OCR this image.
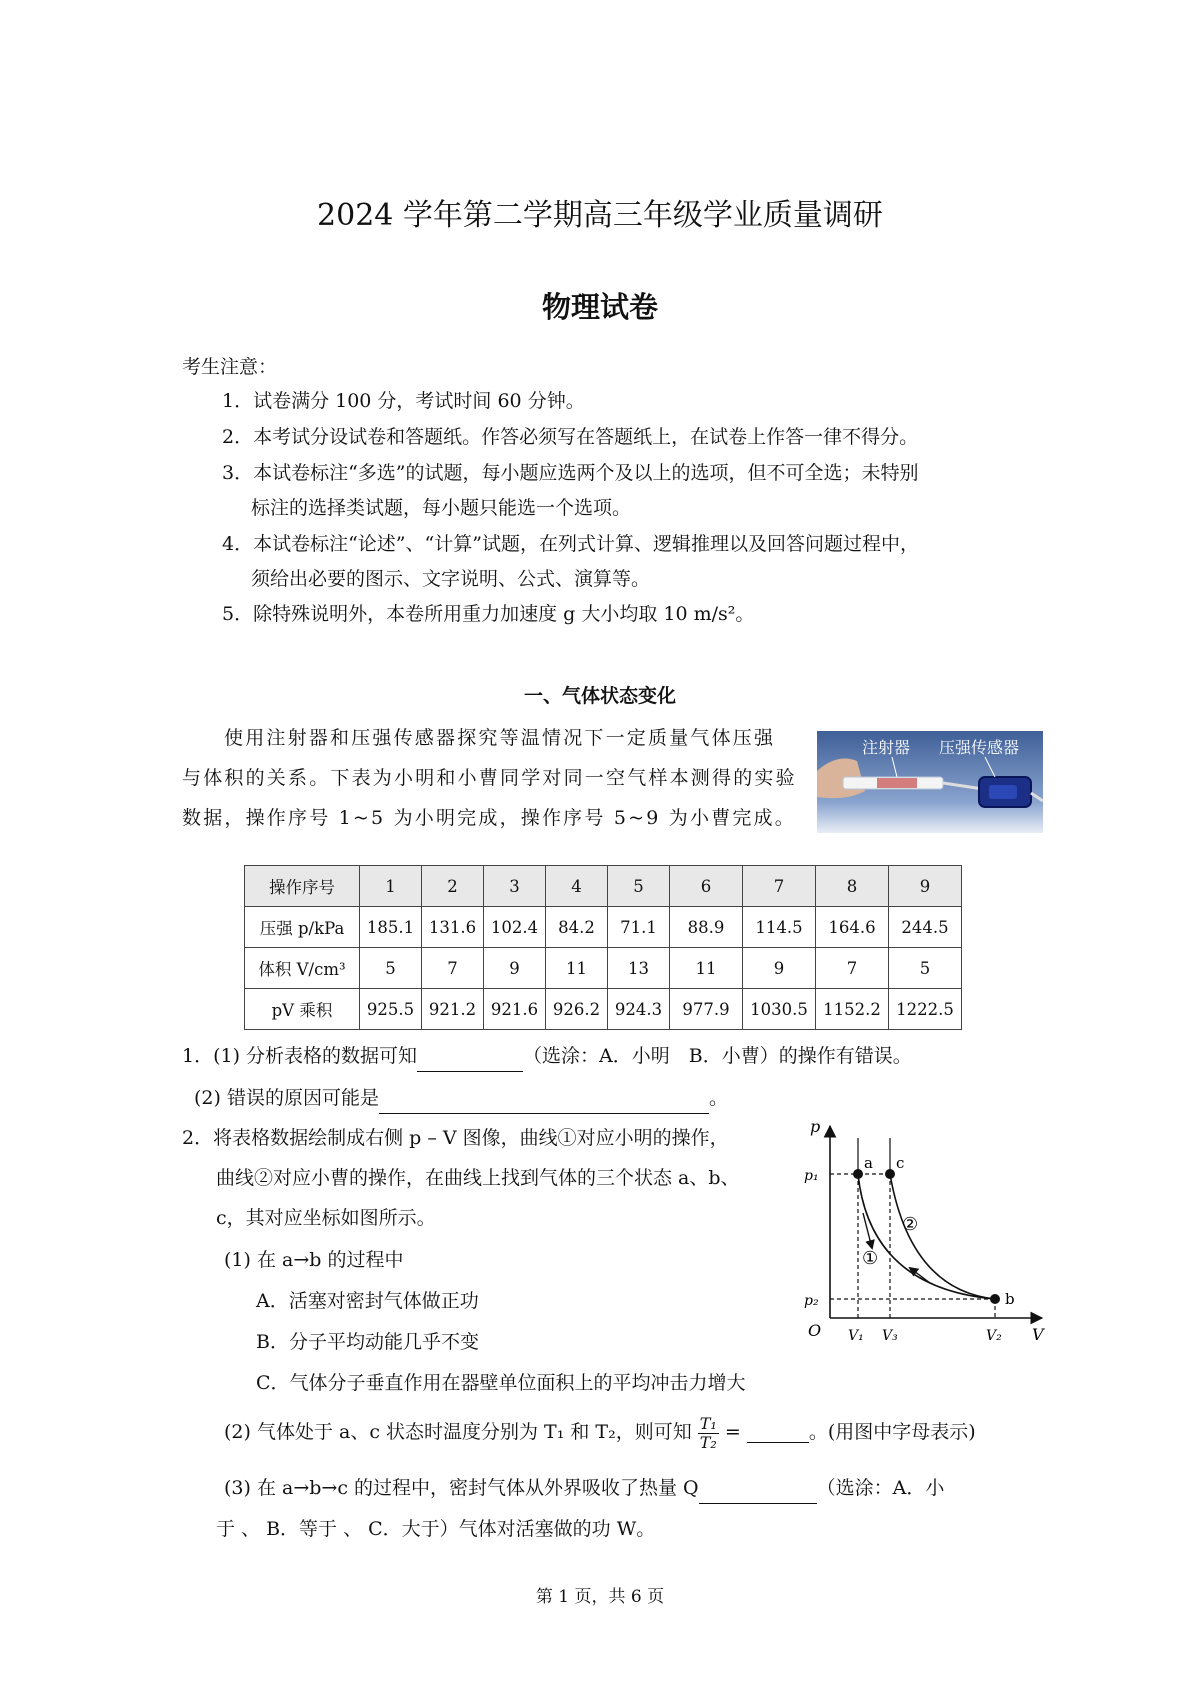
2024 学年第二学期高三年级学业质量调研
物理试卷
考生注意：
1．试卷满分 100 分，考试时间 60 分钟。
2．本考试分设试卷和答题纸。作答必须写在答题纸上，在试卷上作答一律不得分。
3．本试卷标注“多选”的试题，每小题应选两个及以上的选项，但不可全选；未特别
标注的选择类试题，每小题只能选一个选项。
4．本试卷标注“论述”、“计算”试题，在列式计算、逻辑推理以及回答问题过程中，
须给出必要的图示、文字说明、公式、演算等。
5．除特殊说明外，本卷所用重力加速度 g 大小均取 10 m/s²。
一、气体状态变化
使用注射器和压强传感器探究等温情况下一定质量气体压强
与体积的关系。下表为小明和小曹同学对同一空气样本测得的实验
数据，操作序号 1~5 为小明完成，操作序号 5~9 为小曹完成。
注射器 压强传感器
操作序号	1	2	3	4	5	6	7	8	9
压强 p/kPa	185.1	131.6	102.4	84.2	71.1	88.9	114.5	164.6	244.5
体积 V/cm³	5	7	9	11	13	11	9	7	5
pV 乘积	925.5	921.2	921.6	926.2	924.3	977.9	1030.5	1152.2	1222.5
1．(1) 分析表格的数据可知	（选涂：A．小明　B．小曹）的操作有错误。
(2) 错误的原因可能是	。
2．将表格数据绘制成右侧 p – V 图像，曲线①对应小明的操作，
曲线②对应小曹的操作，在曲线上找到气体的三个状态 a、b、
c，其对应坐标如图所示。
(1) 在 a→b 的过程中
A．活塞对密封气体做正功
B．分子平均动能几乎不变
C．气体分子垂直作用在器壁单位面积上的平均冲击力增大
(2) 气体处于 a、c 状态时温度分别为 T₁ 和 T₂，则可知 $\frac{\text{T₁}}{\text{T₂}}$ =	。(用图中字母表示)
(3) 在 a→b→c 的过程中，密封气体从外界吸收了热量 Q	（选涂：A．小
于 、 B．等于 、 C．大于）气体对活塞做的功 W。
p
V
O
a c
b
p₁
p₂
V₁ V₃	V₂
①
②
第 1 页，共 6 页
